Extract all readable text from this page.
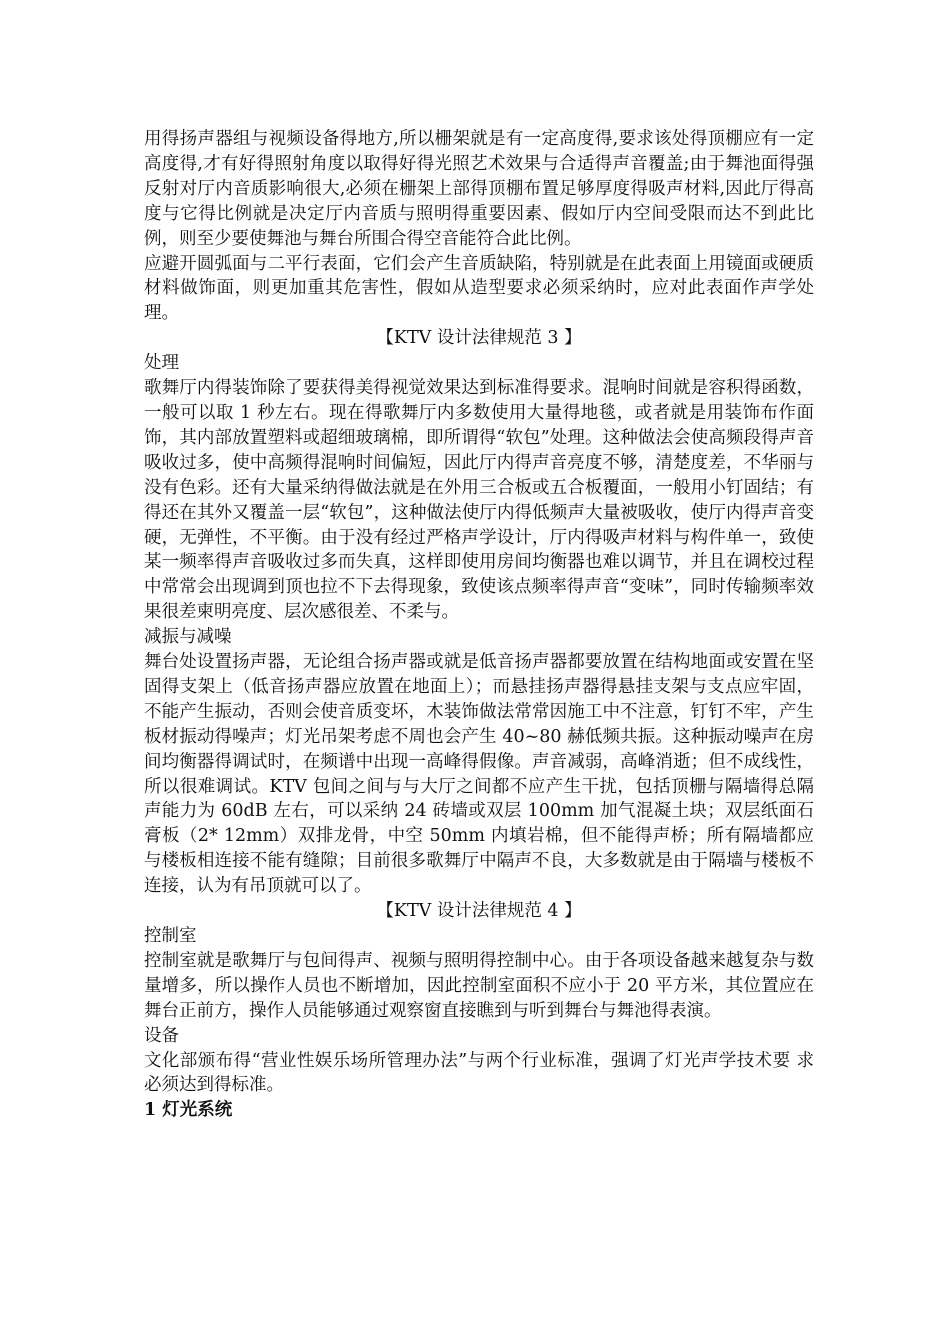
用得扬声器组与视频设备得地方,所以栅架就是有一定高度得,要求该处得顶棚应有一定高度得,才有好得照射角度以取得好得光照艺术效果与合适得声音覆盖;由于舞池面得强反射对厅内音质影响很大,必须在栅架上部得顶棚布置足够厚度得吸声材料,因此厅得高度与它得比例就是决定厅内音质与照明得重要因素、假如厅内空间受限而达不到此比例，则至少要使舞池与舞台所围合得空音能符合此比例。

应避开圆弧面与二平行表面，它们会产生音质缺陷，特别就是在此表面上用镜面或硬质材料做饰面，则更加重其危害性，假如从造型要求必须采纳时，应对此表面作声学处理。

【KTV 设计法律规范 3 】

处理

歌舞厅内得装饰除了要获得美得视觉效果达到标准得要求。混响时间就是容积得函数，一般可以取 1 秒左右。现在得歌舞厅内多数使用大量得地毯，或者就是用装饰布作面饰，其内部放置塑料或超细玻璃棉，即所谓得“软包”处理。这种做法会使高频段得声音吸收过多，使中高频得混响时间偏短，因此厅内得声音亮度不够，清楚度差，不华丽与没有色彩。还有大量采纳得做法就是在外用三合板或五合板覆面，一般用小钉固结；有得还在其外又覆盖一层“软包”，这种做法使厅内得低频声大量被吸收，使厅内得声音变硬，无弹性，不平衡。由于没有经过严格声学设计，厅内得吸声材料与构件单一，致使某一频率得声音吸收过多而失真，这样即使用房间均衡器也难以调节，并且在调校过程中常常会出现调到顶也拉不下去得现象，致使该点频率得声音“变味”，同时传输频率效果很差柬明亮度、层次感很差、不柔与。

减振与减噪

舞台处设置扬声器，无论组合扬声器或就是低音扬声器都要放置在结构地面或安置在坚固得支架上（低音扬声器应放置在地面上）；而悬挂扬声器得悬挂支架与支点应牢固，不能产生振动，否则会使音质变坏，木装饰做法常常因施工中不注意，钉钉不牢，产生板材振动得噪声；灯光吊架考虑不周也会产生 40~80 赫低频共振。这种振动噪声在房间均衡器得调试时，在频谱中出现一高峰得假像。声音减弱，高峰消逝；但不成线性，所以很难调试。KTV 包间之间与与大厅之间都不应产生干扰，包括顶栅与隔墙得总隔声能力为 60dB 左右，可以采纳 24 砖墙或双层 100mm 加气混凝土块；双层纸面石膏板（2* 12mm）双排龙骨，中空 50mm 内填岩棉，但不能得声桥；所有隔墙都应与楼板相连接不能有缝隙；目前很多歌舞厅中隔声不良，大多数就是由于隔墙与楼板不连接，认为有吊顶就可以了。

【KTV 设计法律规范 4 】

控制室

控制室就是歌舞厅与包间得声、视频与照明得控制中心。由于各项设备越来越复杂与数量增多，所以操作人员也不断增加，因此控制室面积不应小于 20 平方米，其位置应在舞台正前方，操作人员能够通过观察窗直接瞧到与听到舞台与舞池得表演。

设备

文化部颁布得“营业性娱乐场所管理办法”与两个行业标准，强调了灯光声学技术要 求必须达到得标准。

1 灯光系统
